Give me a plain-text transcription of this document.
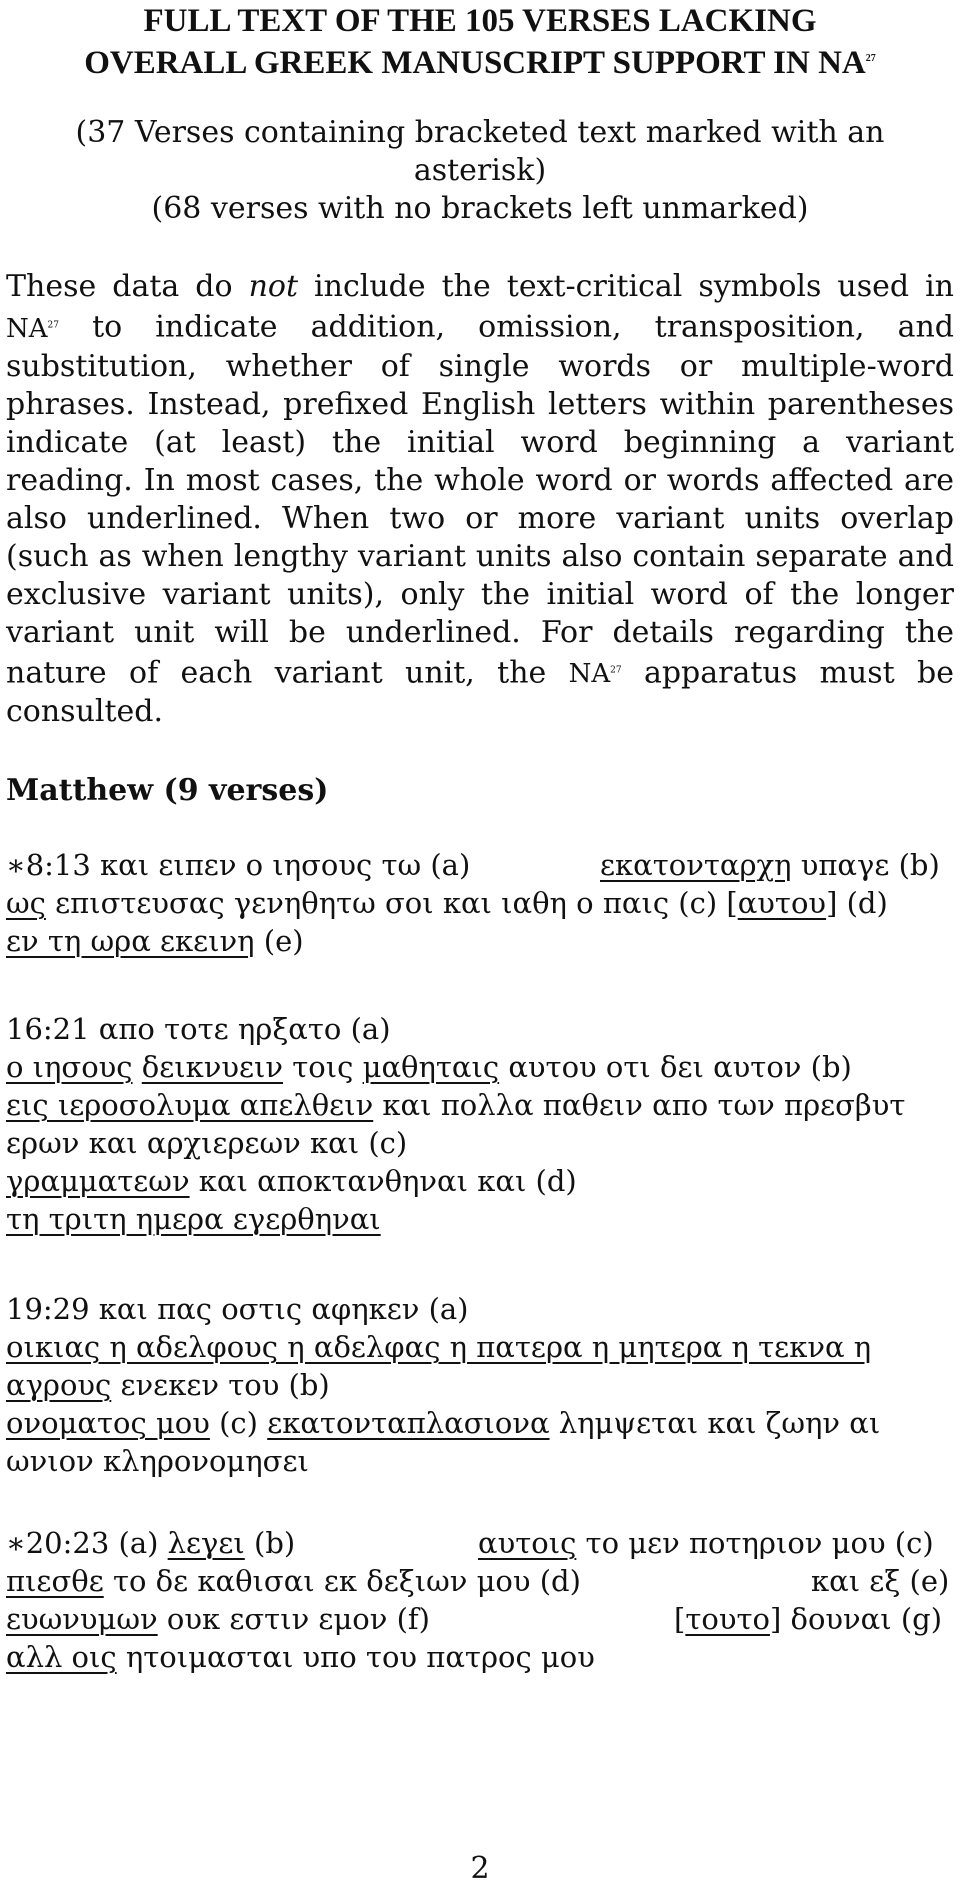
FULL TEXT OF THE 105 VERSES LACKING
OVERALL GREEK MANUSCRIPT SUPPORT IN NA$^{27}$
(37 Verses containing bracketed text marked with an
asterisk)
(68 verses with no brackets left unmarked)
These data do not include the text-critical symbols used in NA$^{27}$ to indicate addition, omission, transposition, and substitution, whether of single words or multiple-word phrases. Instead, prefixed English letters within parentheses indicate (at least) the initial word beginning a variant reading. In most cases, the whole word or words affected are also underlined. When two or more variant units overlap (such as when lengthy variant units also contain separate and exclusive variant units), only the initial word of the longer variant unit will be underlined. For details regarding the nature of each variant unit, the NA$^{27}$ apparatus must be consulted.
Matthew (9 verses)
∗8:13 και ειπεν ο ιησους τω (a)	εκατονταρχη υπαγε (b)
ως επιστευσας γενηθητω σοι και ιαθη ο παις (c) [αυτου] (d)
εν τη ωρα εκεινη (e)
16:21 απο τοτε ηρξατο (a)
ο ιησους δεικνυειν τοις μαθηταις αυτου οτι δει αυτον (b)
εις ιεροσολυμα απελθειν και πολλα παθειν απο των πρεσβυτ
ερων και αρχιερεων και (c)
γραμματεων και αποκτανθηναι και (d)
τη τριτη ημερα εγερθηναι
19:29 και πας οστις αφηκεν (a)
οικιας η αδελφους η αδελφας η πατερα η μητερα η τεκνα η
αγρους ενεκεν του (b)
ονοματος μου (c) εκατονταπλασιονα λημψεται και ζωην αι
ωνιον κληρονομησει
∗20:23 (a) λεγει (b)	αυτοις το μεν ποτηριον μου (c)
πιεσθε το δε καθισαι εκ δεξιων μου (d)	και εξ (e)
ευωνυμων ουκ εστιν εμον (f)	[τουτο] δουναι (g)
αλλ οις ητοιμασται υπο του πατρος μου
2
